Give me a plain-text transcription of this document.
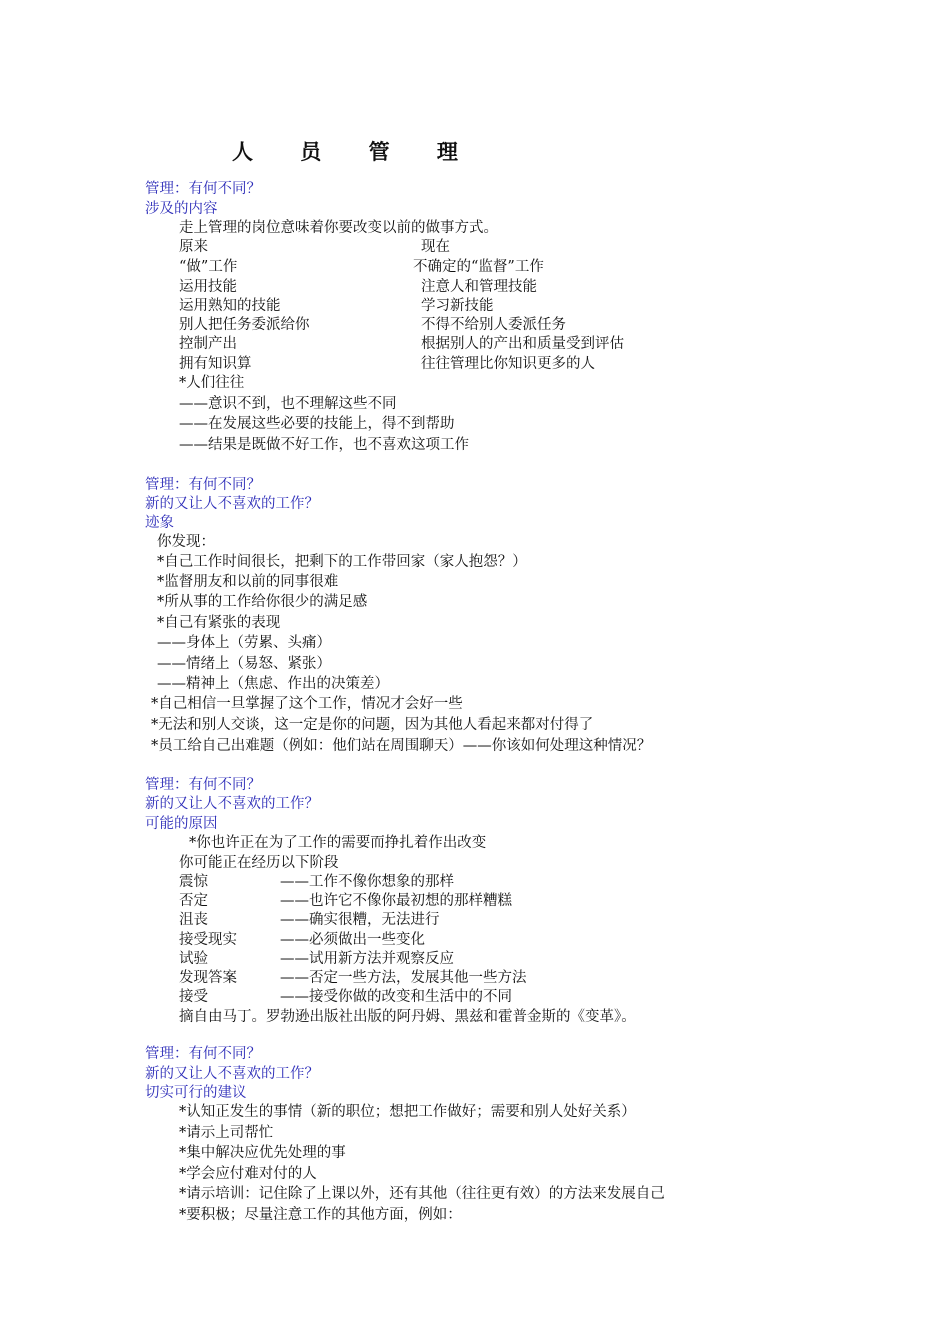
人 员 管 理
管理：有何不同？
涉及的内容
走上管理的岗位意味着你要改变以前的做事方式。
原来	现在
“做”工作	不确定的“监督”工作
运用技能	注意人和管理技能
运用熟知的技能	学习新技能
别人把任务委派给你	不得不给别人委派任务
控制产出	根据别人的产出和质量受到评估
拥有知识算	往往管理比你知识更多的人
*人们往往
——意识不到，也不理解这些不同
——在发展这些必要的技能上，得不到帮助
——结果是既做不好工作，也不喜欢这项工作
管理：有何不同？
新的又让人不喜欢的工作？
迹象
你发现：
*自己工作时间很长，把剩下的工作带回家（家人抱怨？）
*监督朋友和以前的同事很难
*所从事的工作给你很少的满足感
*自己有紧张的表现
——身体上（劳累、头痛）
——情绪上（易怒、紧张）
——精神上（焦虑、作出的决策差）
*自己相信一旦掌握了这个工作，情况才会好一些
*无法和别人交谈，这一定是你的问题，因为其他人看起来都对付得了
*员工给自己出难题（例如：他们站在周围聊天）——你该如何处理这种情况？
管理：有何不同？
新的又让人不喜欢的工作？
可能的原因
*你也许正在为了工作的需要而挣扎着作出改变
你可能正在经历以下阶段
震惊	——工作不像你想象的那样
否定	——也许它不像你最初想的那样糟糕
沮丧	——确实很糟，无法进行
接受现实	——必须做出一些变化
试验	——试用新方法并观察反应
发现答案	——否定一些方法，发展其他一些方法
接受	——接受你做的改变和生活中的不同
摘自由马丁。罗勃逊出版社出版的阿丹姆、黑兹和霍普金斯的《变革》。
管理：有何不同？
新的又让人不喜欢的工作？
切实可行的建议
*认知正发生的事情（新的职位；想把工作做好；需要和别人处好关系）
*请示上司帮忙
*集中解决应优先处理的事
*学会应付难对付的人
*请示培训：记住除了上课以外，还有其他（往往更有效）的方法来发展自己
*要积极；尽量注意工作的其他方面，例如：
